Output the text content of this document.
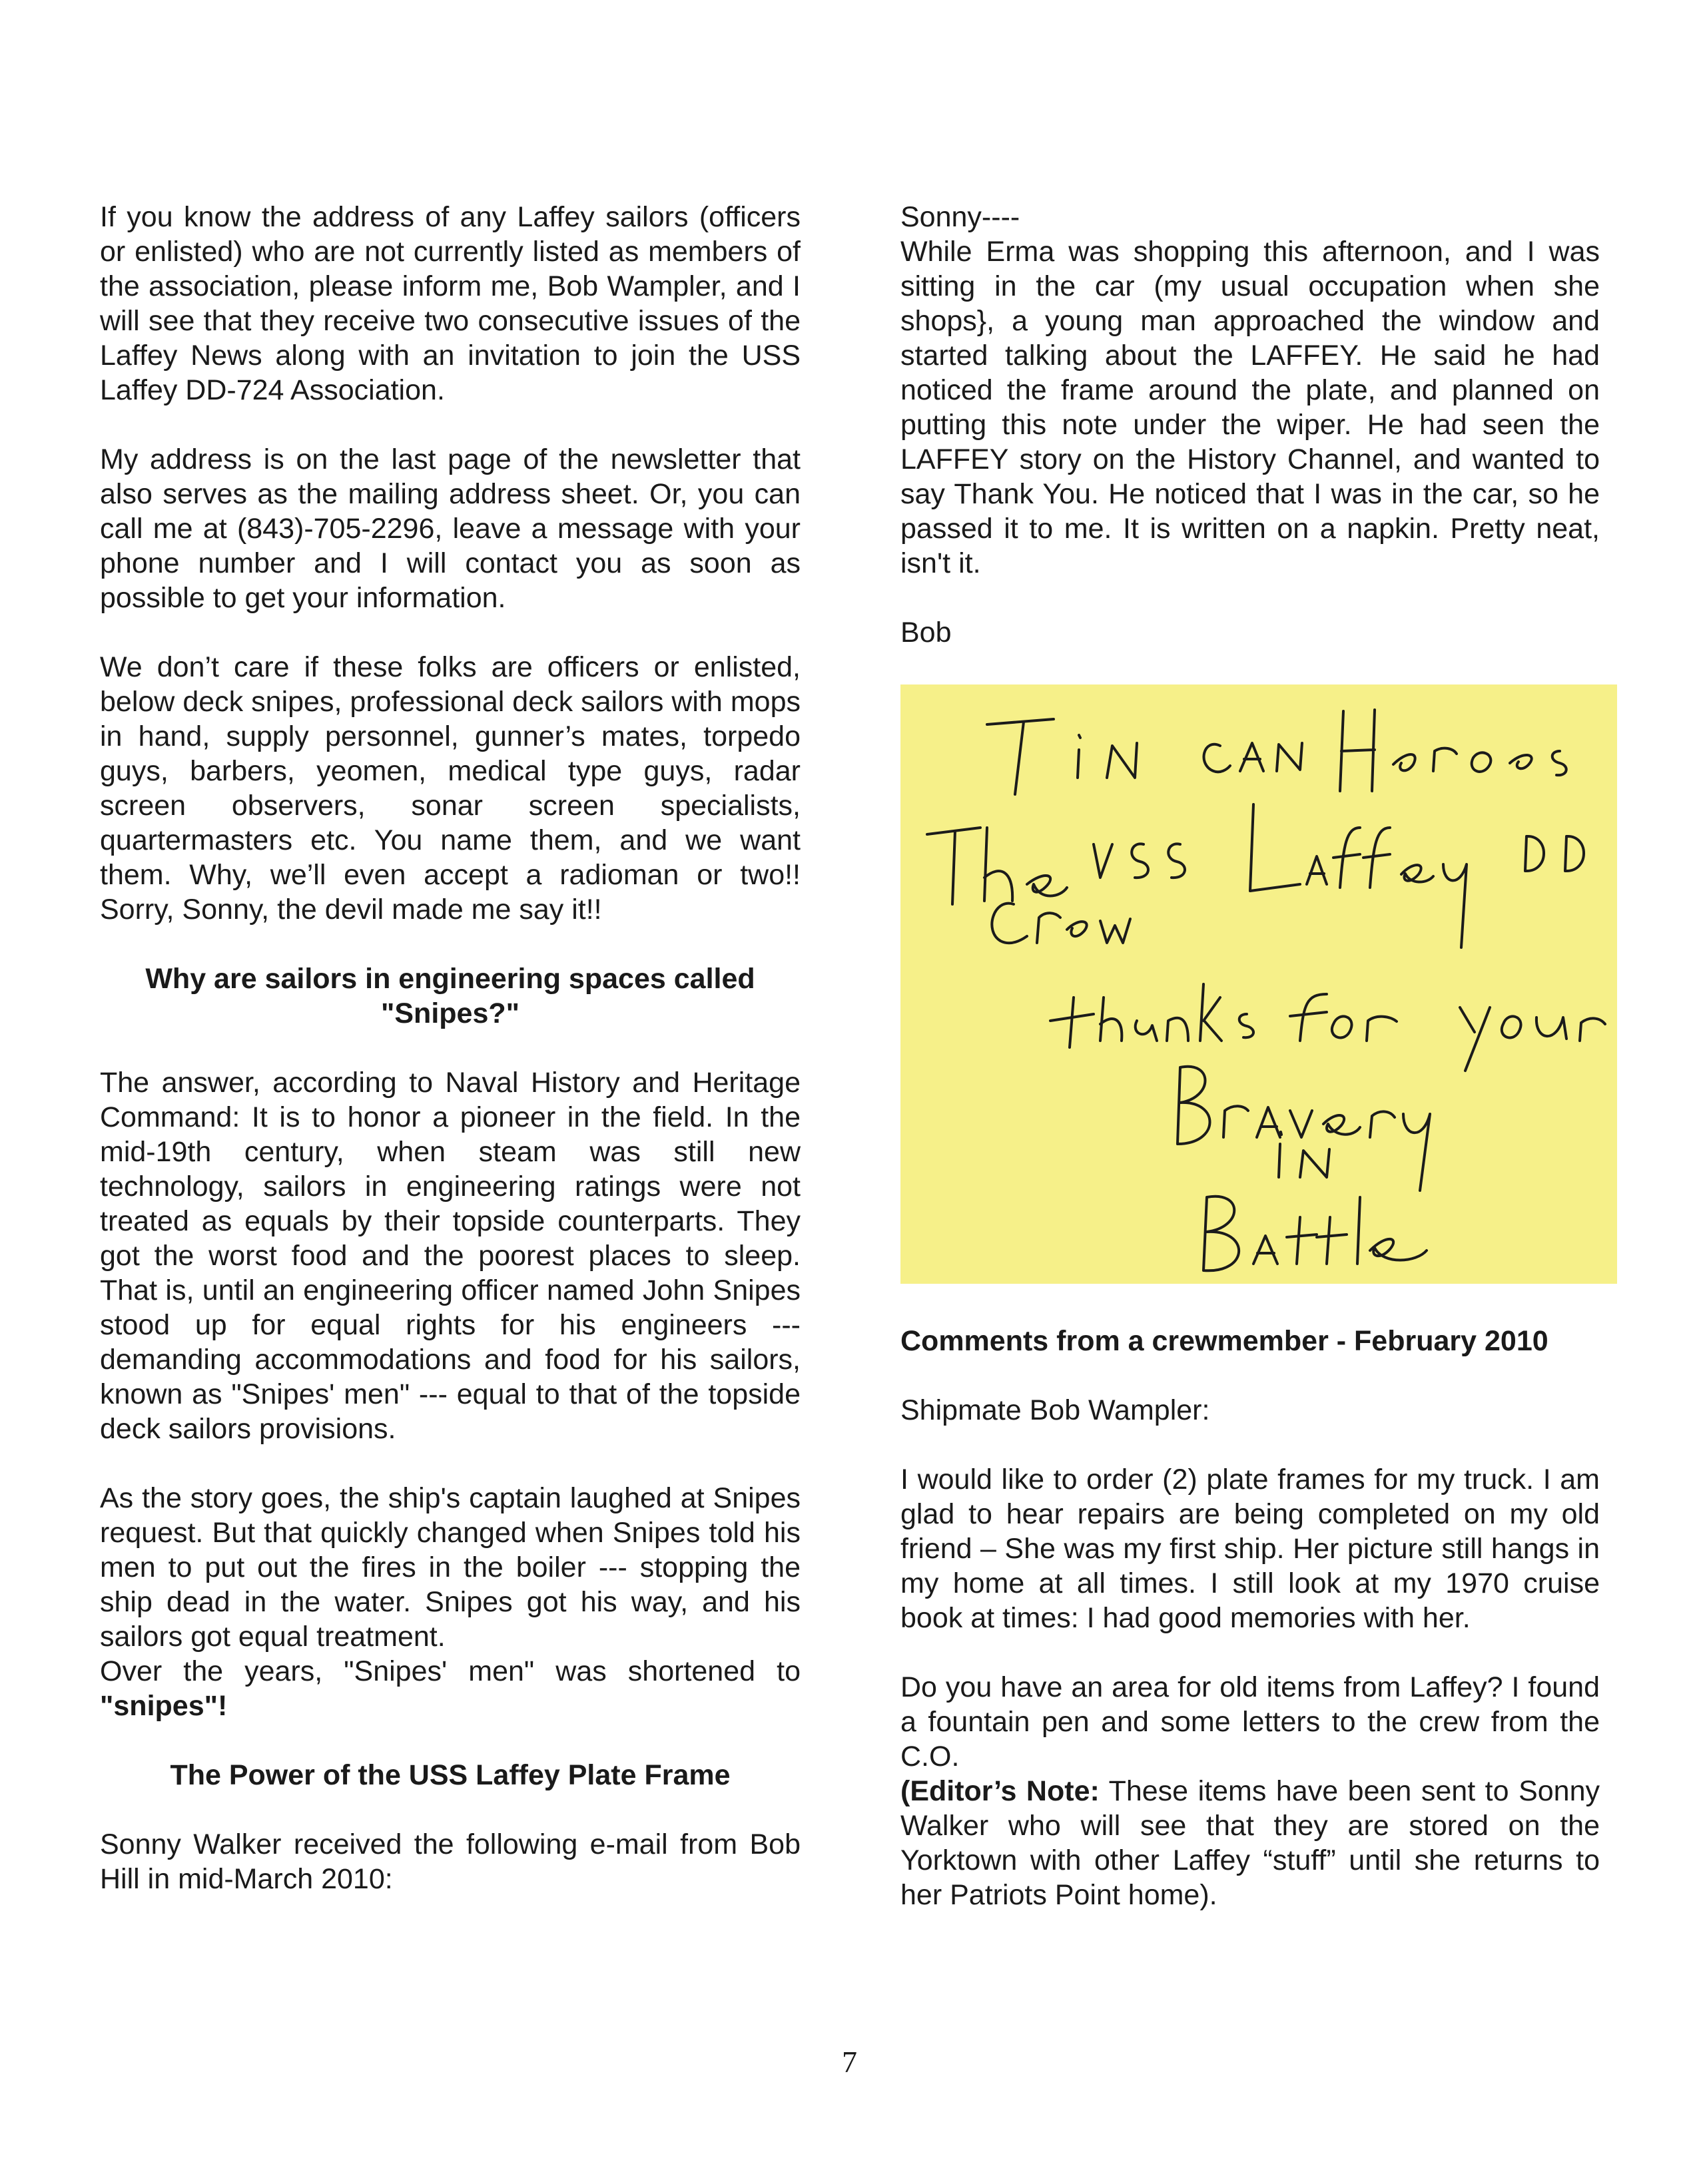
If you know the address of any Laffey sailors (officers or enlisted) who are not currently listed as members of the association, please inform me, Bob Wampler, and I will see that they receive two consecutive issues of the Laffey News along with an invitation to join the USS Laffey DD-724 Association.

My address is on the last page of the newsletter that also serves as the mailing address sheet. Or, you can call me at (843)-705-2296, leave a message with your phone number and I will contact you as soon as possible to get your information.

We don’t care if these folks are officers or enlisted, below deck snipes, professional deck sailors with mops in hand, supply personnel, gunner’s mates, torpedo guys, barbers, yeomen, medical type guys, radar screen observers, sonar screen specialists, quartermasters etc. You name them, and we want them. Why, we’ll even accept a radioman or two!! Sorry, Sonny, the devil made me say it!!

Why are sailors in engineering spaces called
"Snipes?"

The answer, according to Naval History and Heritage Command: It is to honor a pioneer in the field. In the mid-19th century, when steam was still new technology, sailors in engineering ratings were not treated as equals by their topside counterparts. They got the worst food and the poorest places to sleep. That is, until an engineering officer named John Snipes stood up for equal rights for his engineers ---demanding accommodations and food for his sailors, known as "Snipes' men" --- equal to that of the topside deck sailors provisions.

As the story goes, the ship's captain laughed at Snipes request. But that quickly changed when Snipes told his men to put out the fires in the boiler --- stopping the ship dead in the water. Snipes got his way, and his sailors got equal treatment.

Over the years, "Snipes' men" was shortened to "snipes"!

The Power of the USS Laffey Plate Frame

Sonny Walker received the following e-mail from Bob Hill in mid-March 2010:

Sonny----

While Erma was shopping this afternoon, and I was sitting in the car (my usual occupation when she shops}, a young man approached the window and started talking about the LAFFEY. He said he had noticed the frame around the plate, and planned on putting this note under the wiper. He had seen the LAFFEY story on the History Channel, and wanted to say Thank You. He noticed that I was in the car, so he passed it to me. It is written on a napkin. Pretty neat, isn't it.

Bob

Comments from a crewmember - February 2010

Shipmate Bob Wampler:

I would like to order (2) plate frames for my truck. I am glad to hear repairs are being completed on my old friend – She was my first ship. Her picture still hangs in my home at all times. I still look at my 1970 cruise book at times: I had good memories with her.

Do you have an area for old items from Laffey? I found a fountain pen and some letters to the crew from the C.O.

(Editor’s Note: These items have been sent to Sonny Walker who will see that they are stored on the Yorktown with other Laffey “stuff” until she returns to her Patriots Point home).

7
